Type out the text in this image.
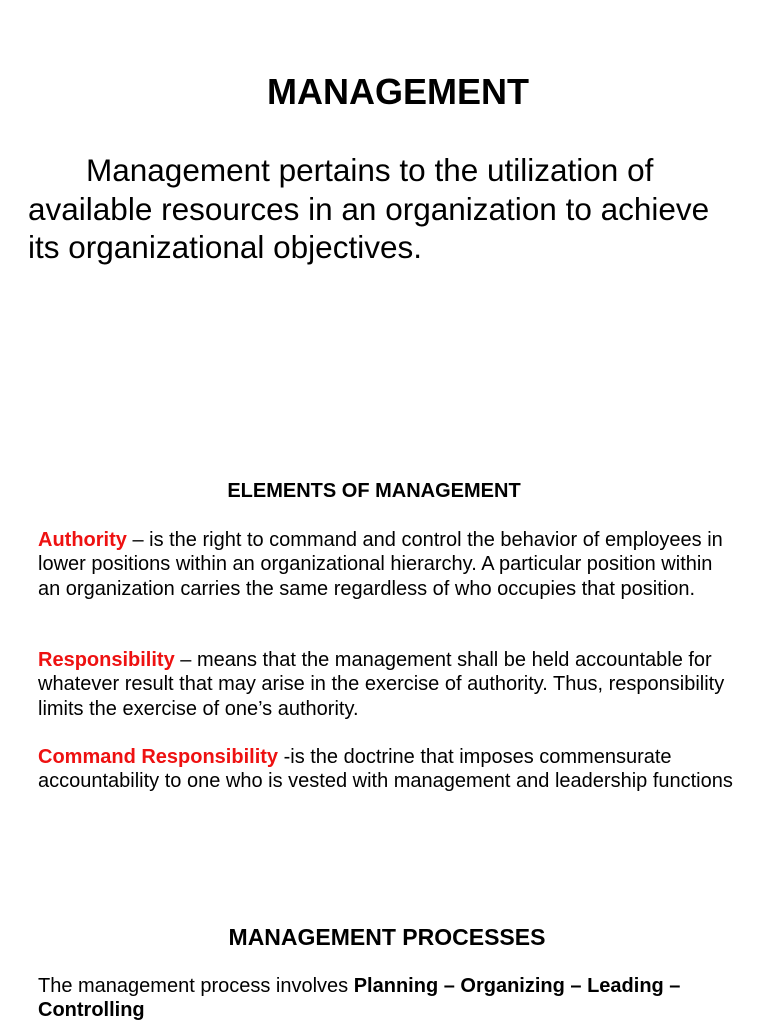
MANAGEMENT

Management pertains to the utilization of available resources in an organization to achieve its organizational objectives.

ELEMENTS OF MANAGEMENT

Authority – is the right to command and control the behavior of employees in lower positions within an organizational hierarchy. A particular position within an organization carries the same regardless of who occupies that position.

Responsibility – means that the management shall be held accountable for whatever result that may arise in the exercise of authority. Thus, responsibility limits the exercise of one’s authority.

Command Responsibility -is the doctrine that imposes commensurate accountability to one who is vested with management and leadership functions

MANAGEMENT PROCESSES

The management process involves Planning – Organizing – Leading – Controlling
